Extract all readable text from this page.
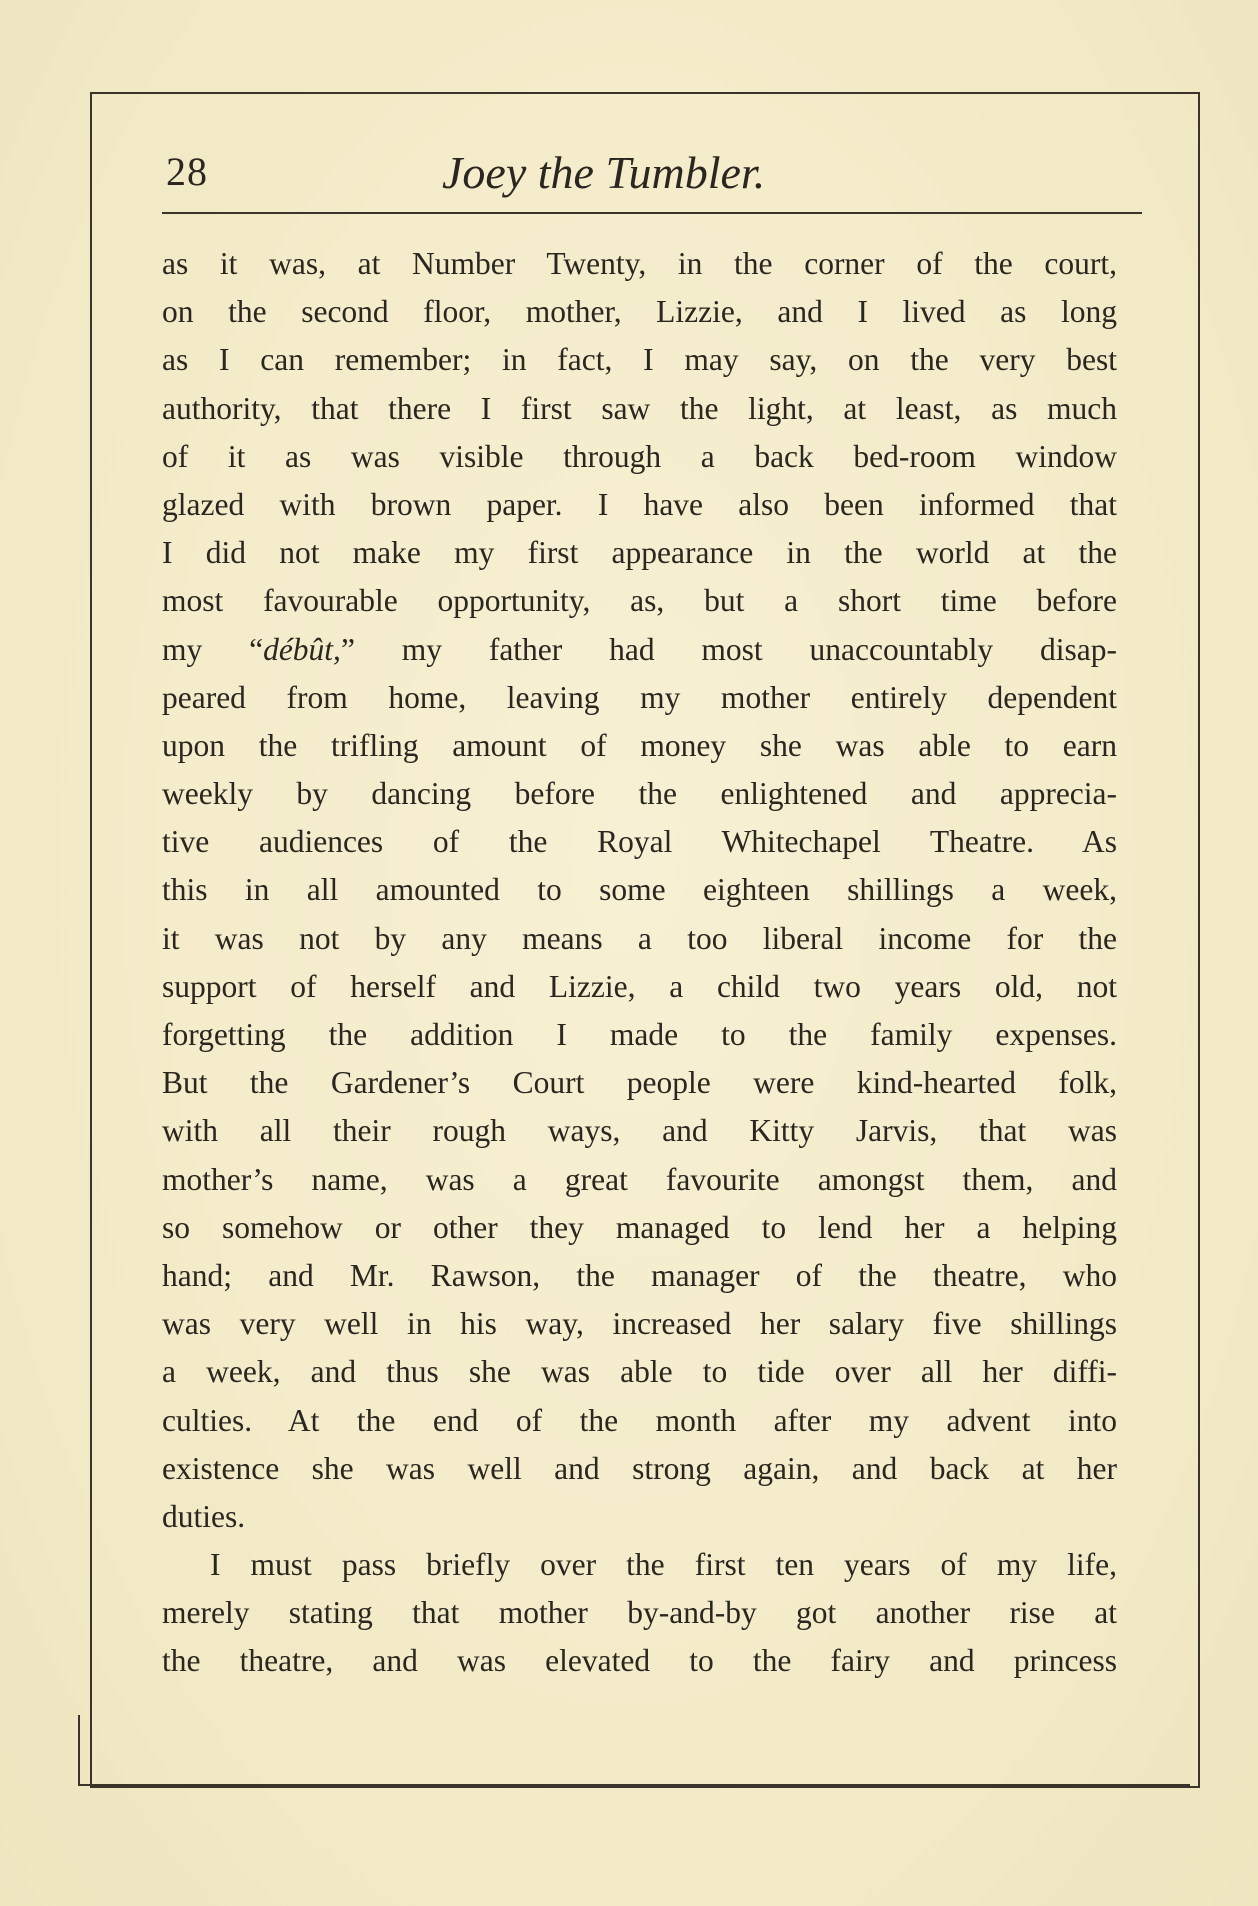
28	Joey the Tumbler.
as it was, at Number Twenty, in the corner of the court,
on the second floor, mother, Lizzie, and I lived as long
as I can remember; in fact, I may say, on the very best
authority, that there I first saw the light, at least, as much
of it as was visible through a back bed-room window
glazed with brown paper. I have also been informed that
I did not make my first appearance in the world at the
most favourable opportunity, as, but a short time before
my “débût,” my father had most unaccountably disap-
peared from home, leaving my mother entirely dependent
upon the trifling amount of money she was able to earn
weekly by dancing before the enlightened and apprecia-
tive audiences of the Royal Whitechapel Theatre. As
this in all amounted to some eighteen shillings a week,
it was not by any means a too liberal income for the
support of herself and Lizzie, a child two years old, not
forgetting the addition I made to the family expenses.
But the Gardener’s Court people were kind-hearted folk,
with all their rough ways, and Kitty Jarvis, that was
mother’s name, was a great favourite amongst them, and
so somehow or other they managed to lend her a helping
hand; and Mr. Rawson, the manager of the theatre, who
was very well in his way, increased her salary five shillings
a week, and thus she was able to tide over all her diffi-
culties. At the end of the month after my advent into
existence she was well and strong again, and back at her
duties.
I must pass briefly over the first ten years of my life,
merely stating that mother by-and-by got another rise at
the theatre, and was elevated to the fairy and princess
